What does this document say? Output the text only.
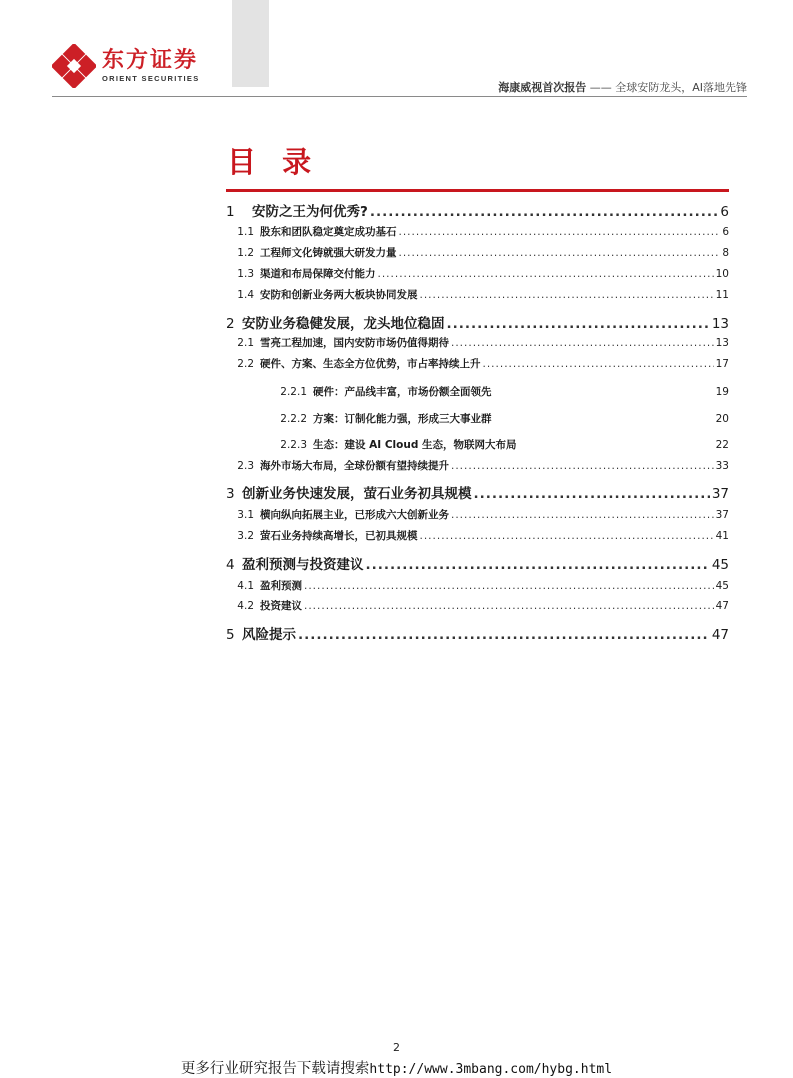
东方证券
ORIENT SECURITIES
海康威视首次报告 —— 全球安防龙头，AI落地先锋
目 录
1	安防之王为何优秀? .....	6
1.1 股东和团队稳定奠定成功基石 .....	6
1.2 工程师文化铸就强大研发力量 .....	8
1.3 渠道和布局保障交付能力 .....	10
1.4 安防和创新业务两大板块协同发展 .....	11
2 安防业务稳健发展，龙头地位稳固 .....	13
2.1 雪亮工程加速，国内安防市场仍值得期待 .....	13
2.2 硬件、方案、生态全方位优势，市占率持续上升 .....	17
2.2.1 硬件：产品线丰富，市场份额全面领先	19
2.2.2 方案：订制化能力强，形成三大事业群	20
2.2.3 生态：建设 AI Cloud 生态，物联网大布局	22
2.3 海外市场大布局，全球份额有望持续提升 .....	33
3 创新业务快速发展，萤石业务初具规模 .....	37
3.1 横向纵向拓展主业，已形成六大创新业务 .....	37
3.2 萤石业务持续高增长，已初具规模 .....	41
4 盈利预测与投资建议 .....	45
4.1 盈利预测 .....	45
4.2 投资建议 .....	47
5 风险提示 .....	47
2
更多行业研究报告下载请搜索http://www.3mbang.com/hybg.html
